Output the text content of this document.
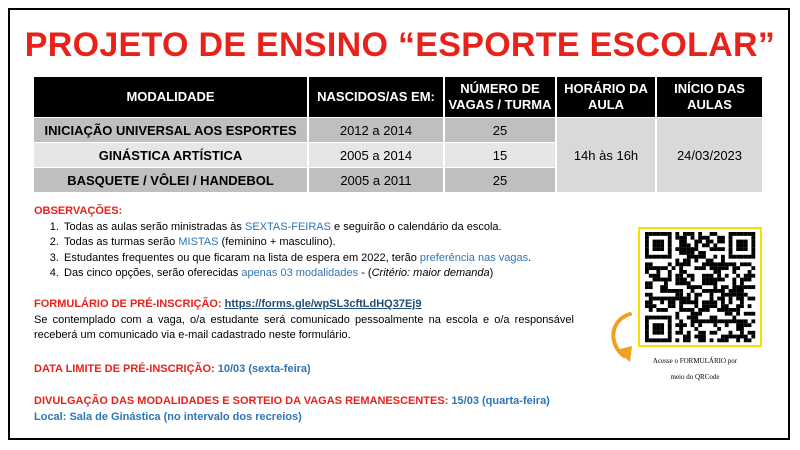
PROJETO DE ENSINO “ESPORTE ESCOLAR”
MODALIDADE	NASCIDOS/AS EM:	NÚMERO DE VAGAS / TURMA	HORÁRIO DA AULA	INÍCIO DAS AULAS
INICIAÇÃO UNIVERSAL AOS ESPORTES	2012 a 2014	25	14h às 16h	24/03/2023
GINÁSTICA ARTÍSTICA	2005 a 2014	15		
BASQUETE / VÔLEI / HANDEBOL	2005 a 2011	25		
OBSERVAÇÕES:
1. Todas as aulas serão ministradas às SEXTAS-FEIRAS e seguirão o calendário da escola.
2. Todas as turmas serão MISTAS (feminino + masculino).
3. Estudantes frequentes ou que ficaram na lista de espera em 2022, terão preferência nas vagas.
4. Das cinco opções, serão oferecidas apenas 03 modalidades - (Critério: maior demanda)
FORMULÁRIO DE PRÉ-INSCRIÇÃO: https://forms.gle/wpSL3cftLdHQ37Ej9
Se contemplado com a vaga, o/a estudante será comunicado pessoalmente na escola e o/a responsável receberá um comunicado via e-mail cadastrado neste formulário.
DATA LIMITE DE PRÉ-INSCRIÇÃO: 10/03 (sexta-feira)
DIVULGAÇÃO DAS MODALIDADES E SORTEIO DA VAGAS REMANESCENTES: 15/03 (quarta-feira)
Local: Sala de Ginástica (no intervalo dos recreios)
Acesse o FORMULÁRIO por
meio do QRCode
